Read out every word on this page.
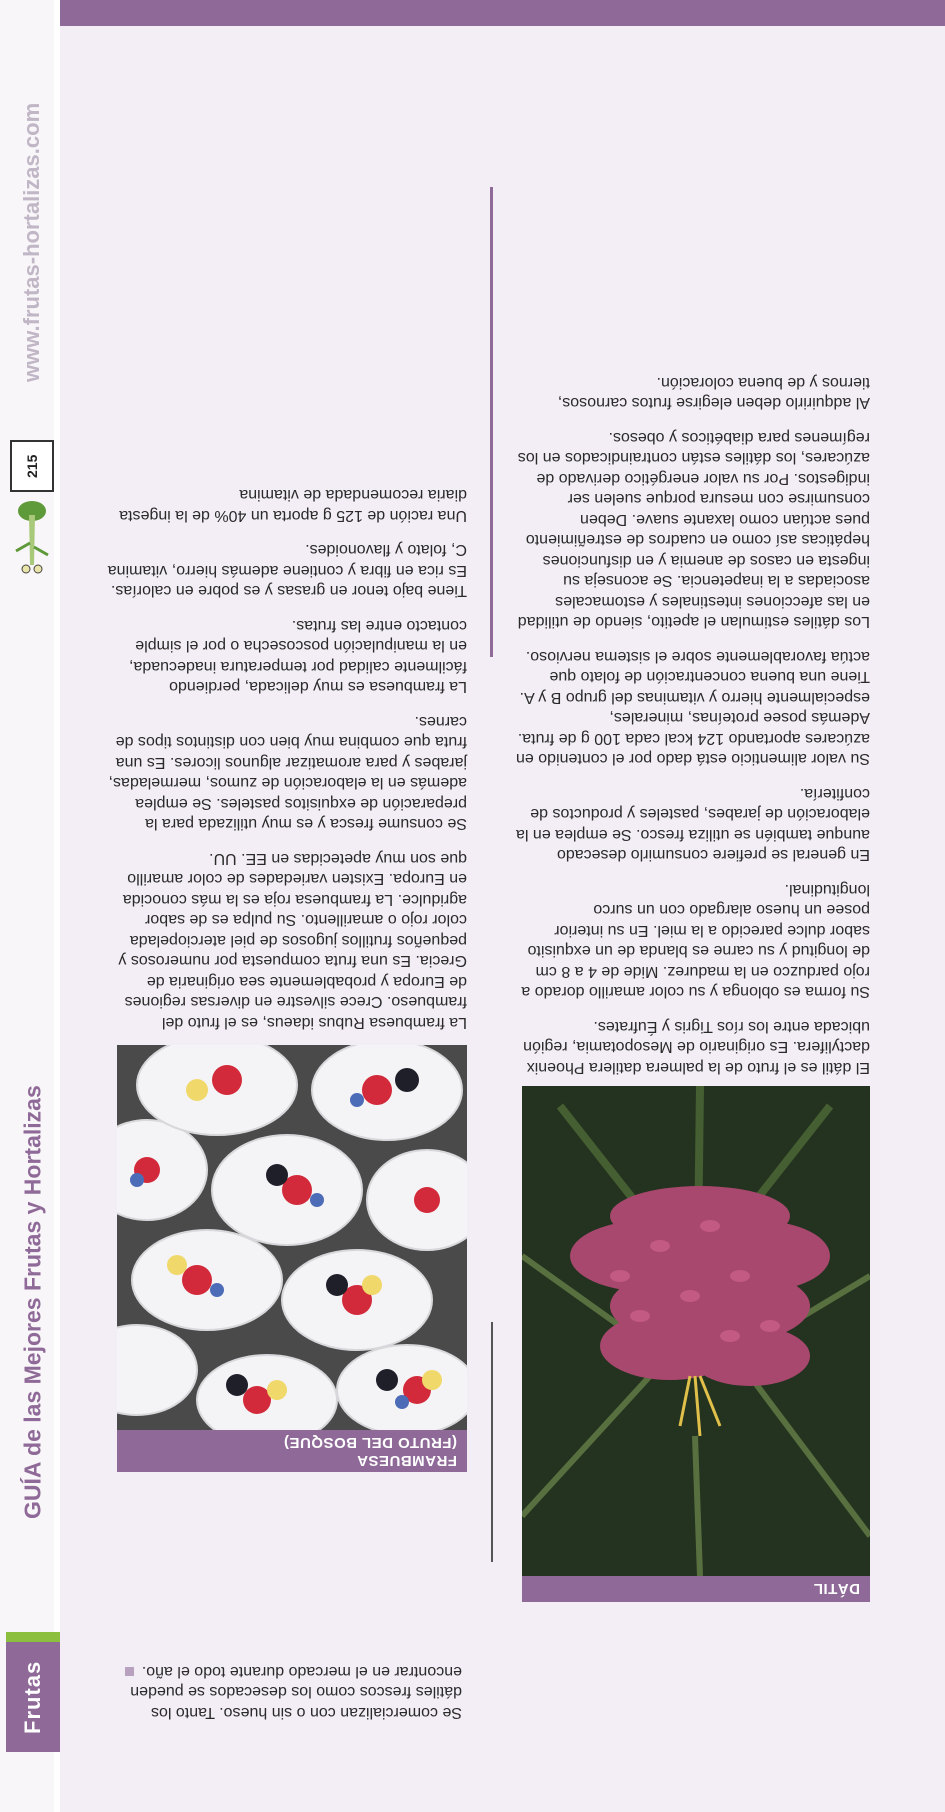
Frutas
GUÍA de las Mejores Frutas y Hortalizas
215
www.frutas-hortalizas.com
DÁTIL

El dátil es el fruto de la palmera datilera Phoenix dactylifera. Es originario de Mesopotamia, región ubicada entre los ríos Tigris y Éufrates.

Su forma es oblonga y su color amarillo dorado a rojo parduzco en la madurez. Mide de 4 a 8 cm de longitud y su carne es blanda de un exquisito sabor dulce parecido a la miel. En su interior posee un hueso alargado con un surco longitudinal.

En general se prefiere consumirlo desecado aunque también se utiliza fresco. Se emplea en la elaboración de jarabes, pasteles y productos de confitería.

Su valor alimenticio está dado por el contenido en azúcares aportando 124 kcal cada 100 g de fruta. Además posee proteínas, minerales, especialmente hierro y vitaminas del grupo B y A. Tiene una buena concentración de folato que actúa favorablemente sobre el sistema nervioso.

Los dátiles estimulan el apetito, siendo de utilidad en las afecciones intestinales y estomacales asociadas a la inapetencia. Se aconseja su ingesta en casos de anemia y en disfunciones hepáticas así como en cuadros de estreñimiento pues actúan como laxante suave. Deben consumirse con mesura porque suelen ser indigestos. Por su valor energético derivado de azúcares, los dátiles están contraindicados en los regímenes para diabéticos y obesos.

Al adquirirlo deben elegirse frutos carnosos, tiernos y de buena coloración.

Se comercializan con o sin hueso. Tanto los dátiles frescos como los desecados se pueden encontrar en el mercado durante todo el año.
FRAMBUESA
(FRUTO DEL BOSQUE)

La frambuesa Rubus idaeus, es el fruto del frambueso. Crece silvestre en diversas regiones de Europa y probablemente sea originaria de Grecia. Es una fruta compuesta por numerosos y pequeños frutillos jugosos de piel aterciopelada color rojo o amarillento. Su pulpa es de sabor agridulce. La frambuesa roja es la más conocida en Europa. Existen variedades de color amarillo que son muy apetecidas en EE. UU.

Se consume fresca y es muy utilizada para la preparación de exquisitos pasteles. Se emplea además en la elaboración de zumos, mermeladas, jarabes y para aromatizar algunos licores. Es una fruta que combina muy bien con distintos tipos de carnes.

La frambuesa es muy delicada, perdiendo fácilmente calidad por temperatura inadecuada, en la manipulación poscosecha o por el simple contacto entre las frutas.

Tiene bajo tenor en grasas y es pobre en calorías. Es rica en fibra y contiene además hierro, vitamina C, folato y flavonoides.

Una ración de 125 g aporta un 40% de la ingesta diaria recomendada de vitamina
